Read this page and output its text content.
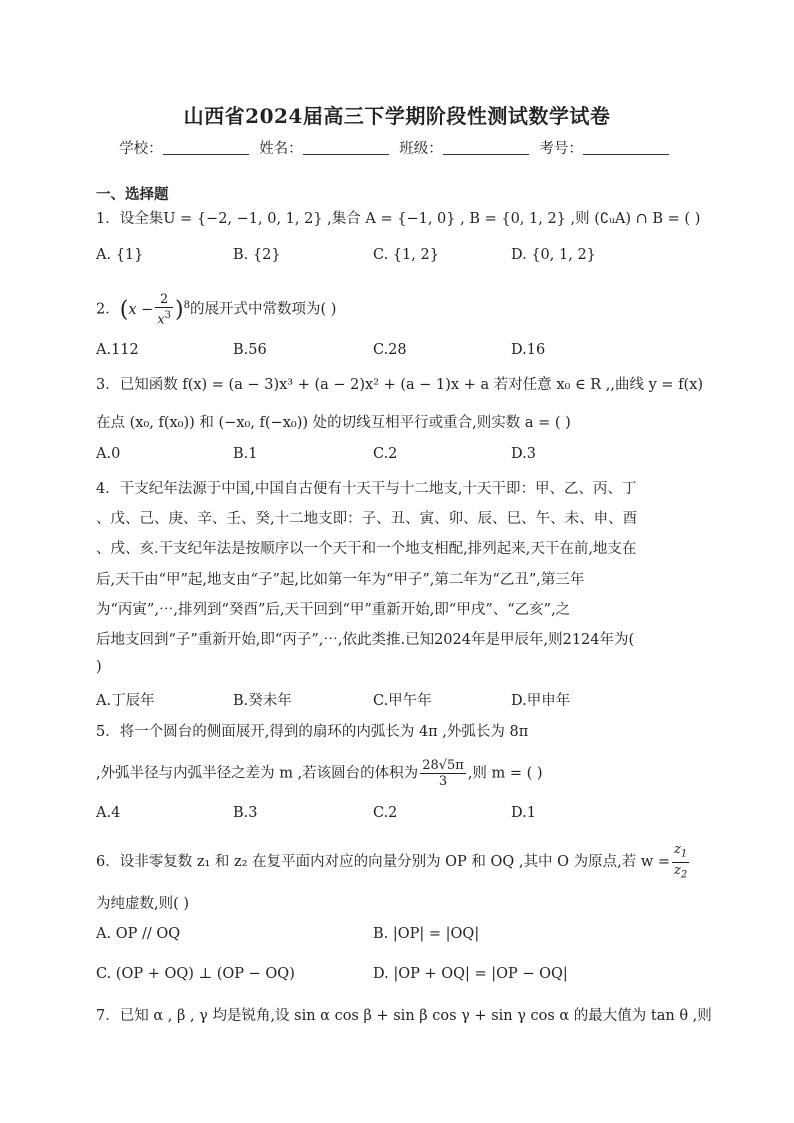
山西省2024届高三下学期阶段性测试数学试卷
学校：	姓名：	班级：	考号：
一、选择题
1．设全集U = {−2, −1, 0, 1, 2} ,集合 A = {−1, 0} , B = {0, 1, 2} ,则 (∁ᵤA) ∩ B = ( )
A. {1}	B. {2}	C. {1, 2}	D. {0, 1, 2}
2．$(x - \frac{2}{x^3} )^8$的展开式中常数项为( )
A.112	B.56	C.28	D.16
3．已知函数 f(x) = (a − 3)x³ + (a − 2)x² + (a − 1)x + a 若对任意 x₀ ∈ R ,,曲线 y = f(x)
在点 (x₀, f(x₀)) 和 (−x₀, f(−x₀)) 处的切线互相平行或重合,则实数 a = ( )
A.0	B.1	C.2	D.3
4．干支纪年法源于中国,中国自古便有十天干与十二地支,十天干即：甲、乙、丙、丁
、戊、己、庚、辛、壬、癸,十二地支即：子、丑、寅、卯、辰、巳、午、未、申、酉
、戌、亥.干支纪年法是按顺序以一个天干和一个地支相配,排列起来,天干在前,地支在
后,天干由“甲”起,地支由“子”起,比如第一年为“甲子”,第二年为“乙丑”,第三年
为“丙寅”,⋯,排列到“癸酉”后,天干回到“甲”重新开始,即“甲戌”、“乙亥”,之
后地支回到“子”重新开始,即“丙子”,⋯,依此类推.已知2024年是甲辰年,则2124年为(
)
A.丁辰年	B.癸未年	C.甲午年	D.甲申年
5．将一个圆台的侧面展开,得到的扇环的内弧长为 4π ,外弧长为 8π
,外弧半径与内弧半径之差为 m ,若该圆台的体积为 $\frac{28√5\pi}{3}$ ,则 m = ( )
A.4	B.3	C.2	D.1
6．设非零复数 z₁ 和 z₂ 在复平面内对应的向量分别为 OP 和 OQ ,其中 O 为原点,若 $w = \frac{z_1}{z_2}$
为纯虚数,则( )
A. OP // OQ	B. |OP| = |OQ|
C. (OP + OQ) ⊥ (OP − OQ)	D. |OP + OQ| = |OP − OQ|
7．已知 α , β , γ 均是锐角,设 sin α cos β + sin β cos γ + sin γ cos α 的最大值为 tan θ ,则
